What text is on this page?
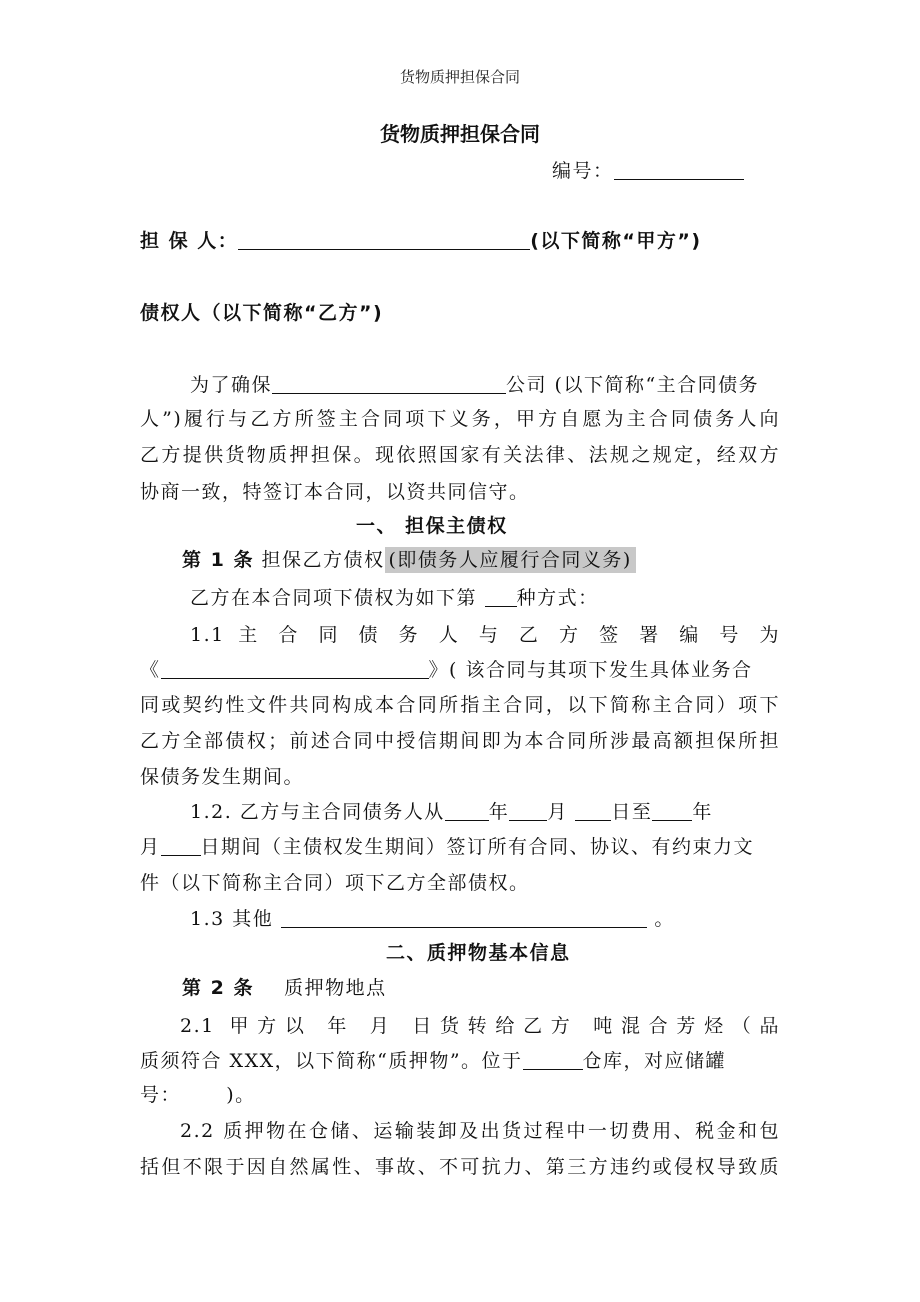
货物质押担保合同
货物质押担保合同
编号：
担 保 人：	(以下简称“甲方”)
债权人（以下简称“乙方”)
为了确保	公司 (以下简称“主合同债务
人”)履行与乙方所签主合同项下义务，甲方自愿为主合同债务人向
乙方提供货物质押担保。现依照国家有关法律、法规之规定，经双方
协商一致，特签订本合同，以资共同信守。
一、 担保主债权
第 1 条 担保乙方债权 (即债务人应履行合同义务)
乙方在本合同项下债权为如下第 种方式：
1.1 主 合 同 债 务 人 与 乙 方 签 署 编 号 为
《	》( 该合同与其项下发生具体业务合
同或契约性文件共同构成本合同所指主合同，以下简称主合同）项下
乙方全部债权；前述合同中授信期间即为本合同所涉最高额担保所担
保债务发生期间。
1.2. 乙方与主合同债务人从 年 月 日至 年
月 日期间（主债权发生期间）签订所有合同、协议、有约束力文
件（以下简称主合同）项下乙方全部债权。
1.3 其他	。
二、质押物基本信息
第 2 条 质押物地点
2.1 甲方以 年 月 日货转给乙方 吨混合芳烃（品
质须符合 XXX，以下简称“质押物”。位于	仓库，对应储罐
号：      )。
2.2 质押物在仓储、运输装卸及出货过程中一切费用、税金和包
括但不限于因自然属性、事故、不可抗力、第三方违约或侵权导致质
